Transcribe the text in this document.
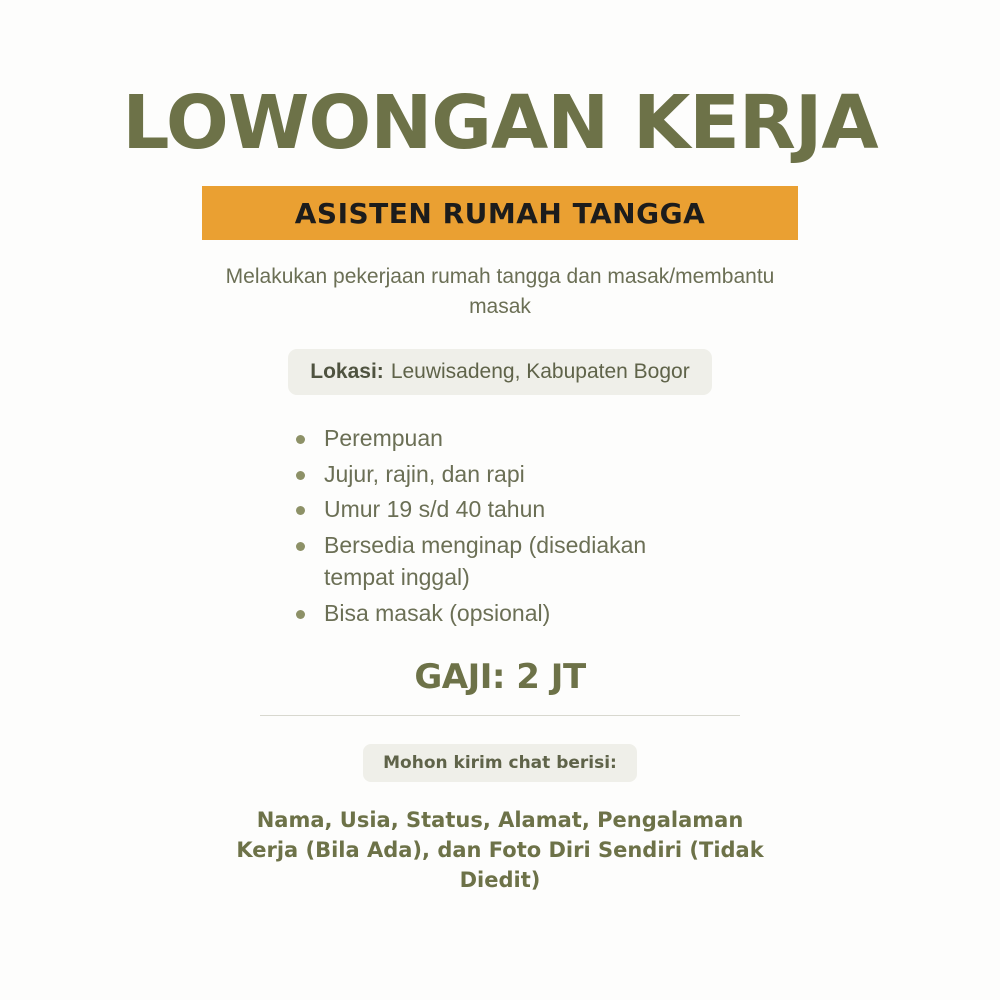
LOWONGAN KERJA
ASISTEN RUMAH TANGGA
Melakukan pekerjaan rumah tangga dan masak/membantu masak
Lokasi: Leuwisadeng, Kabupaten Bogor
Perempuan
Jujur, rajin, dan rapi
Umur 19 s/d 40 tahun
Bersedia menginap (disediakan tempat inggal)
Bisa masak (opsional)
GAJI: 2 JT
Mohon kirim chat berisi:
Nama, Usia, Status, Alamat, Pengalaman Kerja (Bila Ada), dan Foto Diri Sendiri (Tidak Diedit)
